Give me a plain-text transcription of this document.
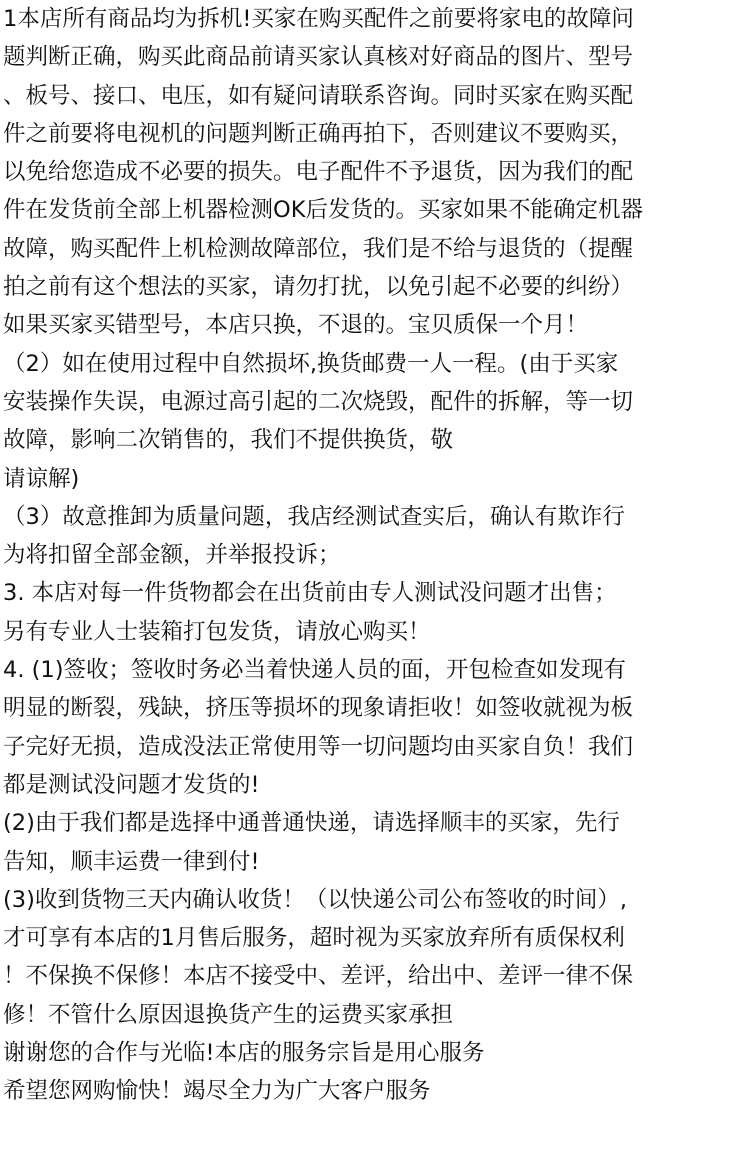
1本店所有商品均为拆机!买家在购买配件之前要将家电的故障问
题判断正确，购买此商品前请买家认真核对好商品的图片、型号
、板号、接口、电压，如有疑问请联系咨询。同时买家在购买配
件之前要将电视机的问题判断正确再拍下，否则建议不要购买，
以免给您造成不必要的损失。电子配件不予退货，因为我们的配
件在发货前全部上机器检测OK后发货的。买家如果不能确定机器
故障，购买配件上机检测故障部位，我们是不给与退货的（提醒
拍之前有这个想法的买家，请勿打扰，以免引起不必要的纠纷）
如果买家买错型号，本店只换，不退的。宝贝质保一个月！
（2）如在使用过程中自然损坏,换货邮费一人一程。(由于买家
安装操作失误，电源过高引起的二次烧毁，配件的拆解，等一切
故障，影响二次销售的，我们不提供换货，敬
请谅解)
（3）故意推卸为质量问题，我店经测试查实后，确认有欺诈行
为将扣留全部金额，并举报投诉；
3. 本店对每一件货物都会在出货前由专人测试没问题才出售；
另有专业人士装箱打包发货，请放心购买！
4. (1)签收；签收时务必当着快递人员的面，开包检查如发现有
明显的断裂，残缺，挤压等损坏的现象请拒收！如签收就视为板
子完好无损，造成没法正常使用等一切问题均由买家自负！我们
都是测试没问题才发货的!
(2)由于我们都是选择中通普通快递，请选择顺丰的买家，先行
告知，顺丰运费一律到付!
(3)收到货物三天内确认收货！（以快递公司公布签收的时间）,
才可享有本店的1月售后服务，超时视为买家放弃所有质保权利
！不保换不保修！本店不接受中、差评，给出中、差评一律不保
修！不管什么原因退换货产生的运费买家承担
谢谢您的合作与光临!本店的服务宗旨是用心服务
希望您网购愉快！竭尽全力为广大客户服务
